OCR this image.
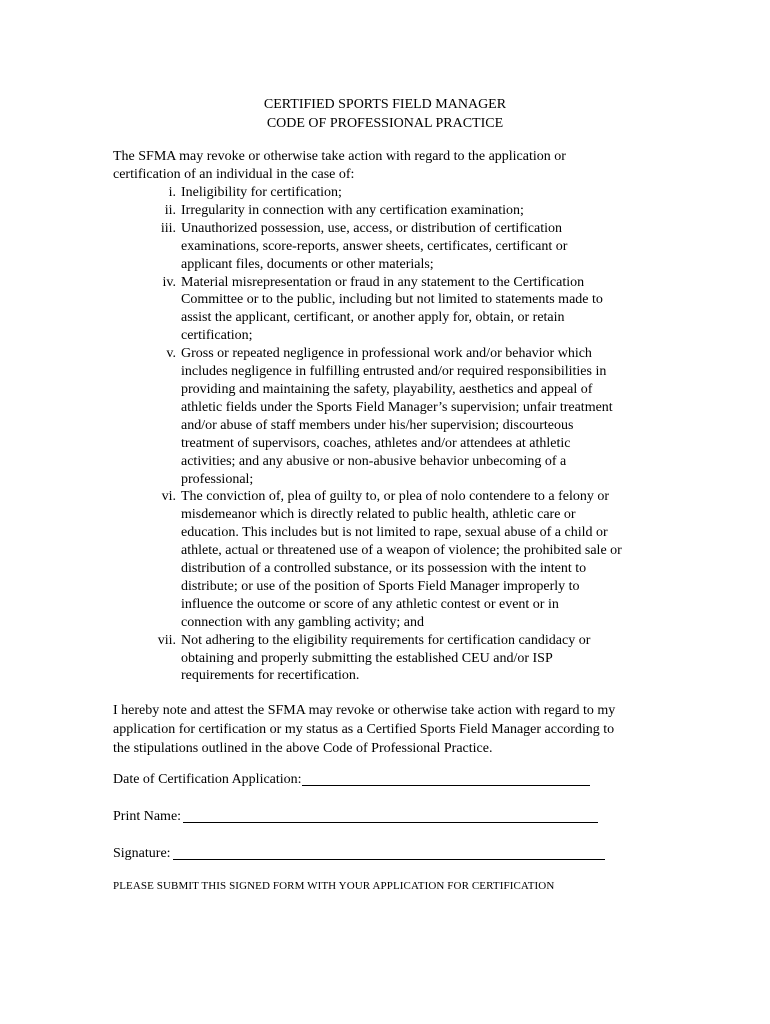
CERTIFIED SPORTS FIELD MANAGER
CODE OF PROFESSIONAL PRACTICE
The SFMA may revoke or otherwise take action with regard to the application or
certification of an individual in the case of:
i. Ineligibility for certification;
ii. Irregularity in connection with any certification examination;
iii. Unauthorized possession, use, access, or distribution of certification
examinations, score-reports, answer sheets, certificates, certificant or
applicant files, documents or other materials;
iv. Material misrepresentation or fraud in any statement to the Certification
Committee or to the public, including but not limited to statements made to
assist the applicant, certificant, or another apply for, obtain, or retain
certification;
v. Gross or repeated negligence in professional work and/or behavior which
includes negligence in fulfilling entrusted and/or required responsibilities in
providing and maintaining the safety, playability, aesthetics and appeal of
athletic fields under the Sports Field Manager’s supervision; unfair treatment
and/or abuse of staff members under his/her supervision; discourteous
treatment of supervisors, coaches, athletes and/or attendees at athletic
activities; and any abusive or non-abusive behavior unbecoming of a
professional;
vi. The conviction of, plea of guilty to, or plea of nolo contendere to a felony or
misdemeanor which is directly related to public health, athletic care or
education. This includes but is not limited to rape, sexual abuse of a child or
athlete, actual or threatened use of a weapon of violence; the prohibited sale or
distribution of a controlled substance, or its possession with the intent to
distribute; or use of the position of Sports Field Manager improperly to
influence the outcome or score of any athletic contest or event or in
connection with any gambling activity; and
vii. Not adhering to the eligibility requirements for certification candidacy or
obtaining and properly submitting the established CEU and/or ISP
requirements for recertification.
I hereby note and attest the SFMA may revoke or otherwise take action with regard to my
application for certification or my status as a Certified Sports Field Manager according to
the stipulations outlined in the above Code of Professional Practice.
Date of Certification Application:
Print Name:
Signature:
PLEASE SUBMIT THIS SIGNED FORM WITH YOUR APPLICATION FOR CERTIFICATION
